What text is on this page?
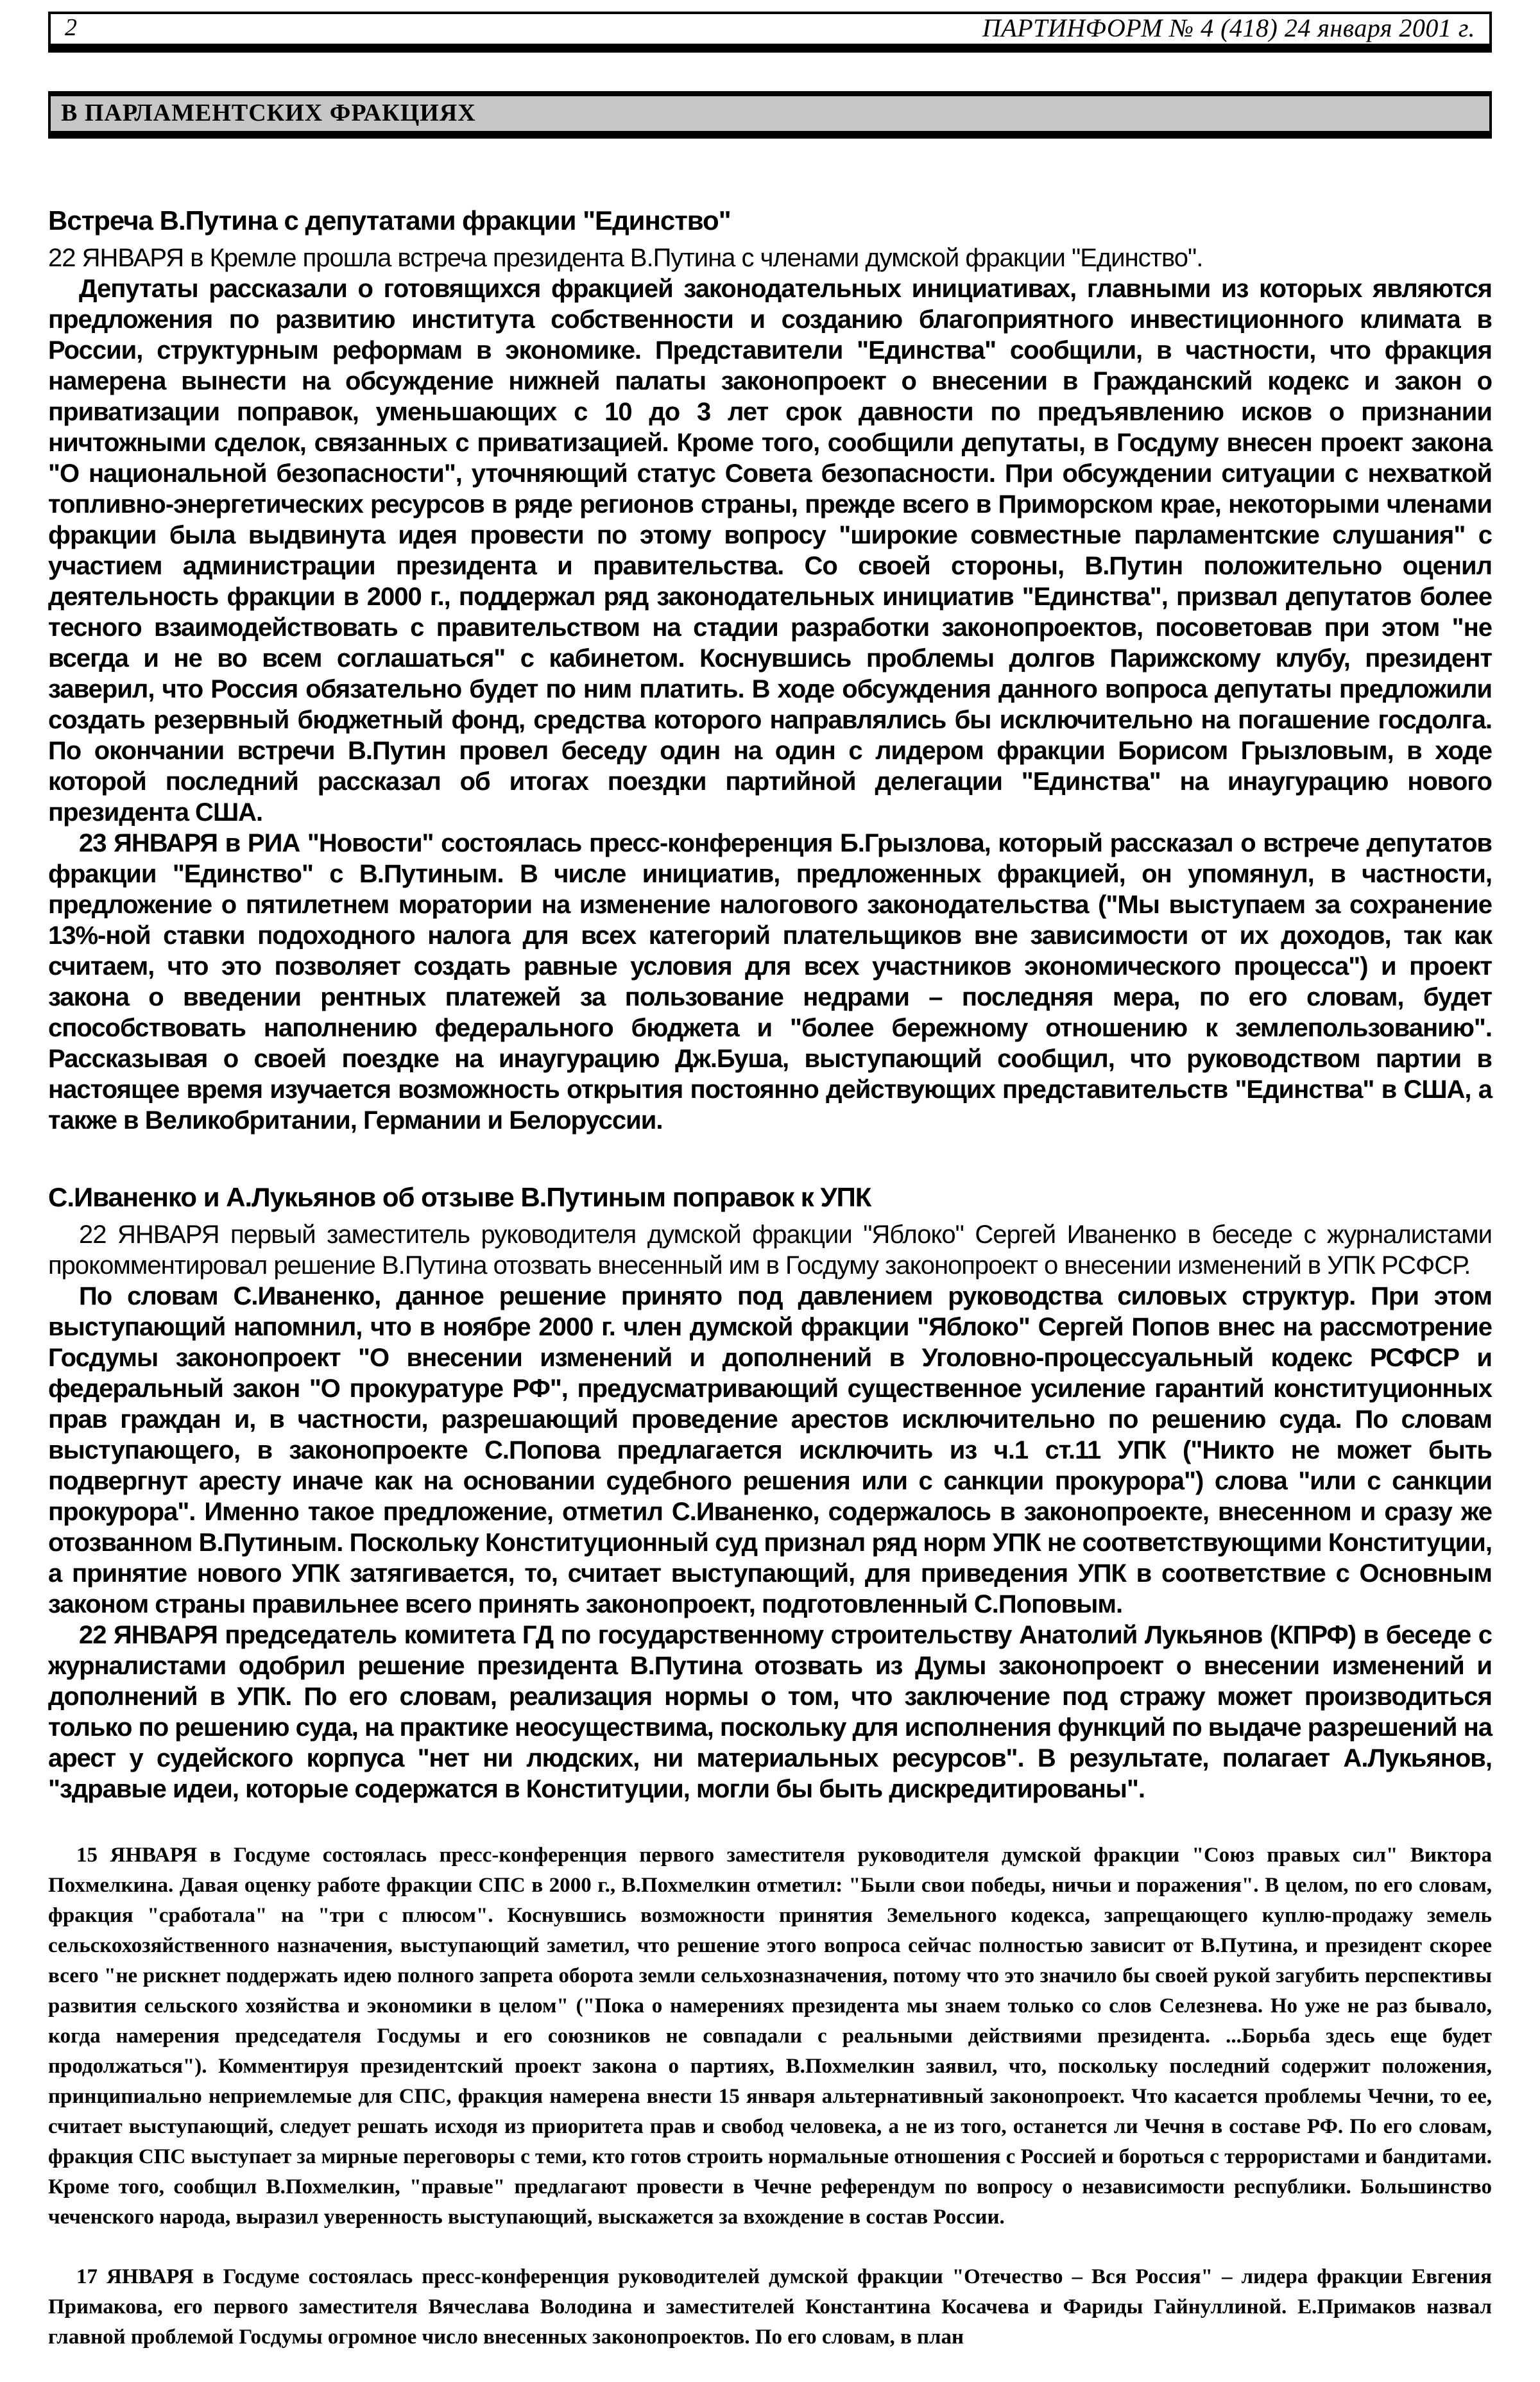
2	ПАРТИНФОРМ № 4 (418) 24 января 2001 г.
В ПАРЛАМЕНТСКИХ ФРАКЦИЯХ
Встреча В.Путина с депутатами фракции "Единство"

22 ЯНВАРЯ в Кремле прошла встреча президента В.Путина с членами думской фракции "Единство".

Депутаты рассказали о готовящихся фракцией законодательных инициативах, главными из которых являются предложения по развитию института собственности и созданию благоприятного инвестиционного климата в России, структурным реформам в экономике. Представители "Единства" сообщили, в частности, что фракция намерена вынести на обсуждение нижней палаты законопроект о внесении в Гражданский кодекс и закон о приватизации поправок, уменьшающих с 10 до 3 лет срок давности по предъявлению исков о признании ничтожными сделок, связанных с приватизацией. Кроме того, сообщили депутаты, в Госдуму внесен проект закона "О национальной безопасности", уточняющий статус Совета безопасности. При обсуждении ситуации с нехваткой топливно-энергетических ресурсов в ряде регионов страны, прежде всего в Приморском крае, некоторыми членами фракции была выдвинута идея провести по этому вопросу "широкие совместные парламентские слушания" с участием администрации президента и правительства. Со своей стороны, В.Путин положительно оценил деятельность фракции в 2000 г., поддержал ряд законодательных инициатив "Единства", призвал депутатов более тесного взаимодействовать с правительством на стадии разработки законопроектов, посоветовав при этом "не всегда и не во всем соглашаться" с кабинетом. Коснувшись проблемы долгов Парижскому клубу, президент заверил, что Россия обязательно будет по ним платить. В ходе обсуждения данного вопроса депутаты предложили создать резервный бюджетный фонд, средства которого направлялись бы исключительно на погашение госдолга. По окончании встречи В.Путин провел беседу один на один с лидером фракции Борисом Грызловым, в ходе которой последний рассказал об итогах поездки партийной делегации "Единства" на инаугурацию нового президента США.

23 ЯНВАРЯ в РИА "Новости" состоялась пресс-конференция Б.Грызлова, который рассказал о встрече депутатов фракции "Единство" с В.Путиным. В числе инициатив, предложенных фракцией, он упомянул, в частности, предложение о пятилетнем моратории на изменение налогового законодательства ("Мы выступаем за сохранение 13%-ной ставки подоходного налога для всех категорий плательщиков вне зависимости от их доходов, так как считаем, что это позволяет создать равные условия для всех участников экономического процесса") и проект закона о введении рентных платежей за пользование недрами – последняя мера, по его словам, будет способствовать наполнению федерального бюджета и "более бережному отношению к землепользованию". Рассказывая о своей поездке на инаугурацию Дж.Буша, выступающий сообщил, что руководством партии в настоящее время изучается возможность открытия постоянно действующих представительств "Единства" в США, а также в Великобритании, Германии и Белоруссии.

С.Иваненко и А.Лукьянов об отзыве В.Путиным поправок к УПК

22 ЯНВАРЯ первый заместитель руководителя думской фракции "Яблоко" Сергей Иваненко в беседе с журналистами прокомментировал решение В.Путина отозвать внесенный им в Госдуму законопроект о внесении изменений в УПК РСФСР.

По словам С.Иваненко, данное решение принято под давлением руководства силовых структур. При этом выступающий напомнил, что в ноябре 2000 г. член думской фракции "Яблоко" Сергей Попов внес на рассмотрение Госдумы законопроект "О внесении изменений и дополнений в Уголовно-процессуальный кодекс РСФСР и федеральный закон "О прокуратуре РФ", предусматривающий существенное усиление гарантий конституционных прав граждан и, в частности, разрешающий проведение арестов исключительно по решению суда. По словам выступающего, в законопроекте С.Попова предлагается исключить из ч.1 ст.11 УПК ("Никто не может быть подвергнут аресту иначе как на основании судебного решения или с санкции прокурора") слова "или с санкции прокурора". Именно такое предложение, отметил С.Иваненко, содержалось в законопроекте, внесенном и сразу же отозванном В.Путиным. Поскольку Конституционный суд признал ряд норм УПК не соответствующими Конституции, а принятие нового УПК затягивается, то, считает выступающий, для приведения УПК в соответствие с Основным законом страны правильнее всего принять законопроект, подготовленный С.Поповым.

22 ЯНВАРЯ председатель комитета ГД по государственному строительству Анатолий Лукьянов (КПРФ) в беседе с журналистами одобрил решение президента В.Путина отозвать из Думы законопроект о внесении изменений и дополнений в УПК. По его словам, реализация нормы о том, что заключение под стражу может производиться только по решению суда, на практике неосуществима, поскольку для исполнения функций по выдаче разрешений на арест у судейского корпуса "нет ни людских, ни материальных ресурсов". В результате, полагает А.Лукьянов, "здравые идеи, которые содержатся в Конституции, могли бы быть дискредитированы".

15 ЯНВАРЯ в Госдуме состоялась пресс-конференция первого заместителя руководителя думской фракции "Союз правых сил" Виктора Похмелкина. Давая оценку работе фракции СПС в 2000 г., В.Похмелкин отметил: "Были свои победы, ничьи и поражения". В целом, по его словам, фракция "сработала" на "три с плюсом". Коснувшись возможности принятия Земельного кодекса, запрещающего куплю-продажу земель сельскохозяйственного назначения, выступающий заметил, что решение этого вопроса сейчас полностью зависит от В.Путина, и президент скорее всего "не рискнет поддержать идею полного запрета оборота земли сельхозназначения, потому что это значило бы своей рукой загубить перспективы развития сельского хозяйства и экономики в целом" ("Пока о намерениях президента мы знаем только со слов Селезнева. Но уже не раз бывало, когда намерения председателя Госдумы и его союзников не совпадали с реальными действиями президента. ...Борьба здесь еще будет продолжаться"). Комментируя президентский проект закона о партиях, В.Похмелкин заявил, что, поскольку последний содержит положения, принципиально неприемлемые для СПС, фракция намерена внести 15 января альтернативный законопроект. Что касается проблемы Чечни, то ее, считает выступающий, следует решать исходя из приоритета прав и свобод человека, а не из того, останется ли Чечня в составе РФ. По его словам, фракция СПС выступает за мирные переговоры с теми, кто готов строить нормальные отношения с Россией и бороться с террористами и бандитами. Кроме того, сообщил В.Похмелкин, "правые" предлагают провести в Чечне референдум по вопросу о независимости республики. Большинство чеченского народа, выразил уверенность выступающий, выскажется за вхождение в состав России.

17 ЯНВАРЯ в Госдуме состоялась пресс-конференция руководителей думской фракции "Отечество – Вся Россия" – лидера фракции Евгения Примакова, его первого заместителя Вячеслава Володина и заместителей Константина Косачева и Фариды Гайнуллиной. Е.Примаков назвал главной проблемой Госдумы огромное число внесенных законопроектов. По его словам, в план
